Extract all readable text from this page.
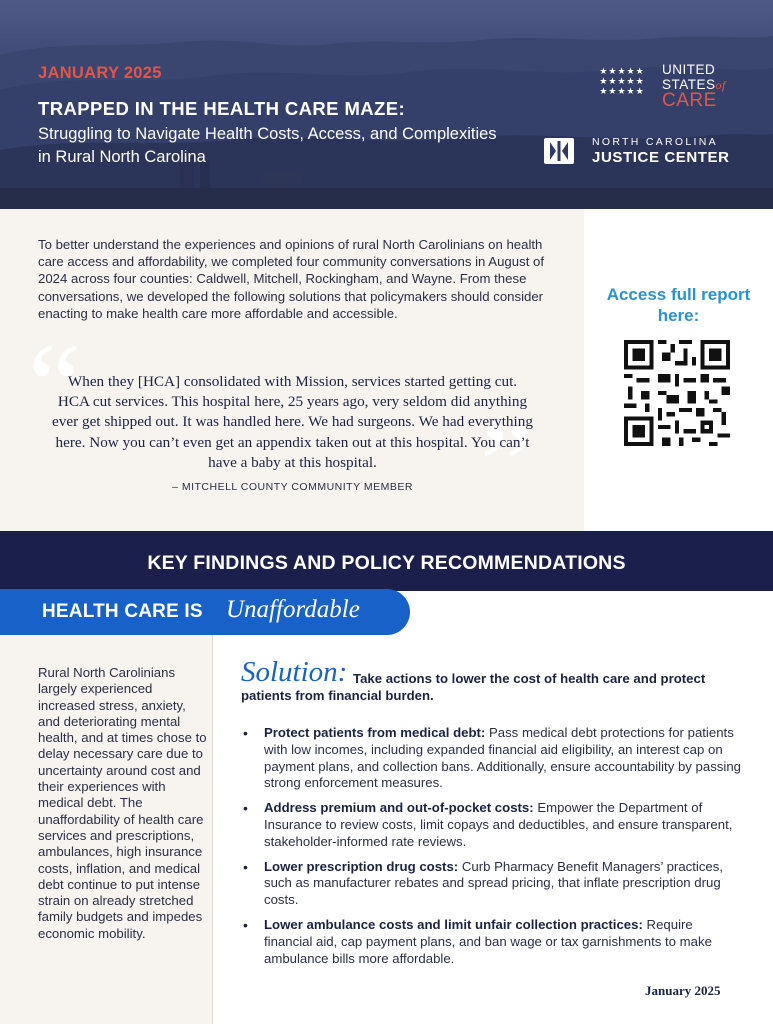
JANUARY 2025
TRAPPED IN THE HEALTH CARE MAZE:
Struggling to Navigate Health Costs, Access, and Complexities in Rural North Carolina
★★★★★ ★★★★★ ★★★★★
UNITED
STATESof
CARE
NORTH CAROLINA
JUSTICE CENTER
To better understand the experiences and opinions of rural North Carolinians on health care access and affordability, we completed four community conversations in August of 2024 across four counties: Caldwell, Mitchell, Rockingham, and Wayne. From these conversations, we developed the following solutions that policymakers should consider enacting to make health care more affordable and accessible.
“
”
When they [HCA] consolidated with Mission, services started getting cut. HCA cut services. This hospital here, 25 years ago, very seldom did anything ever get shipped out. It was handled here. We had surgeons. We had everything here. Now you can’t even get an appendix taken out at this hospital. You can’t have a baby at this hospital.
– MITCHELL COUNTY COMMUNITY MEMBER
Access full report here:
KEY FINDINGS AND POLICY RECOMMENDATIONS
HEALTH CARE IS Unaffordable
Rural North Carolinians largely experienced increased stress, anxiety, and deteriorating mental health, and at times chose to delay necessary care due to uncertainty around cost and their experiences with medical debt. The unaffordability of health care services and prescriptions, ambulances, high insurance costs, inflation, and medical debt continue to put intense strain on already stretched family budgets and impedes economic mobility.
Solution: Take actions to lower the cost of health care and protect patients from financial burden.
• Protect patients from medical debt: Pass medical debt protections for patients with low incomes, including expanded financial aid eligibility, an interest cap on payment plans, and collection bans. Additionally, ensure accountability by passing strong enforcement measures.
• Address premium and out-of-pocket costs: Empower the Department of Insurance to review costs, limit copays and deductibles, and ensure transparent, stakeholder-informed rate reviews.
• Lower prescription drug costs: Curb Pharmacy Benefit Managers’ practices, such as manufacturer rebates and spread pricing, that inflate prescription drug costs.
• Lower ambulance costs and limit unfair collection practices: Require financial aid, cap payment plans, and ban wage or tax garnishments to make ambulance bills more affordable.
January 2025
